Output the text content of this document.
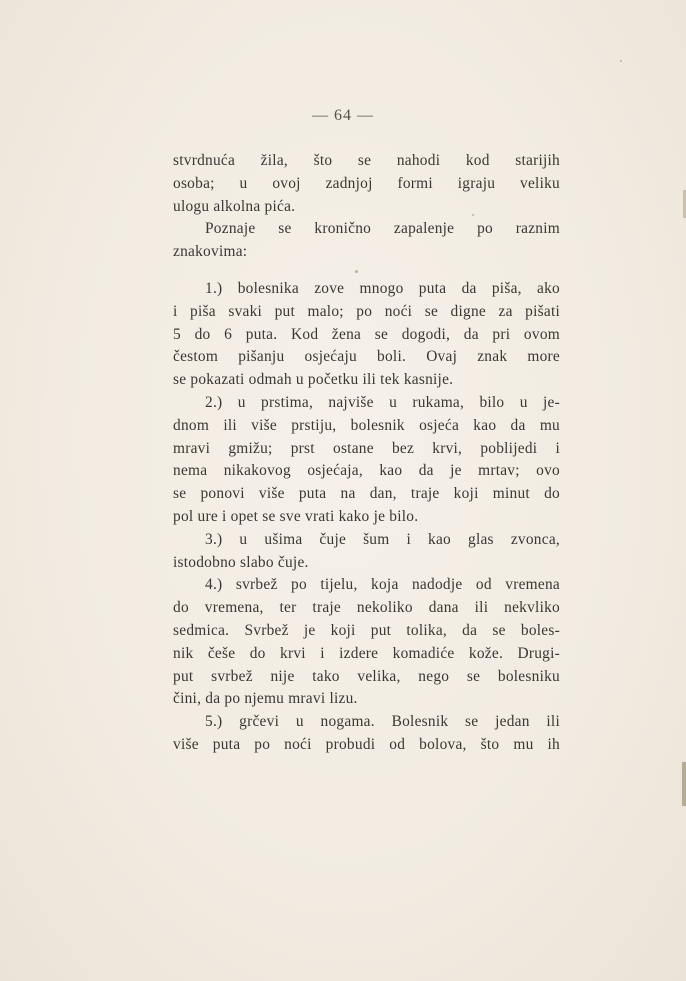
— 64 —
stvrdnuća žila, što se nahodi kod starijih
osoba; u ovoj zadnjoj formi igraju veliku
ulogu alkolna pića.
Poznaje se kronično zapalenje po raznim
znakovima:
1.) bolesnika zove mnogo puta da piša, ako
i piša svaki put malo; po noći se digne za pišati
5 do 6 puta. Kod žena se dogodi, da pri ovom
čestom pišanju osjećaju boli. Ovaj znak more
se pokazati odmah u početku ili tek kasnije.
2.) u prstima, najviše u rukama, bilo u je-
dnom ili više prstiju, bolesnik osjeća kao da mu
mravi gmižu; prst ostane bez krvi, poblijedi i
nema nikakovog osjećaja, kao da je mrtav; ovo
se ponovi više puta na dan, traje koji minut do
pol ure i opet se sve vrati kako je bilo.
3.) u ušima čuje šum i kao glas zvonca,
istodobno slabo čuje.
4.) svrbež po tijelu, koja nadodje od vremena
do vremena, ter traje nekoliko dana ili nekvliko
sedmica. Svrbež je koji put tolika, da se boles-
nik češe do krvi i izdere komadiće kože. Drugi-
put svrbež nije tako velika, nego se bolesniku
čini, da po njemu mravi lizu.
5.) grčevi u nogama. Bolesnik se jedan ili
više puta po noći probudi od bolova, što mu ih
